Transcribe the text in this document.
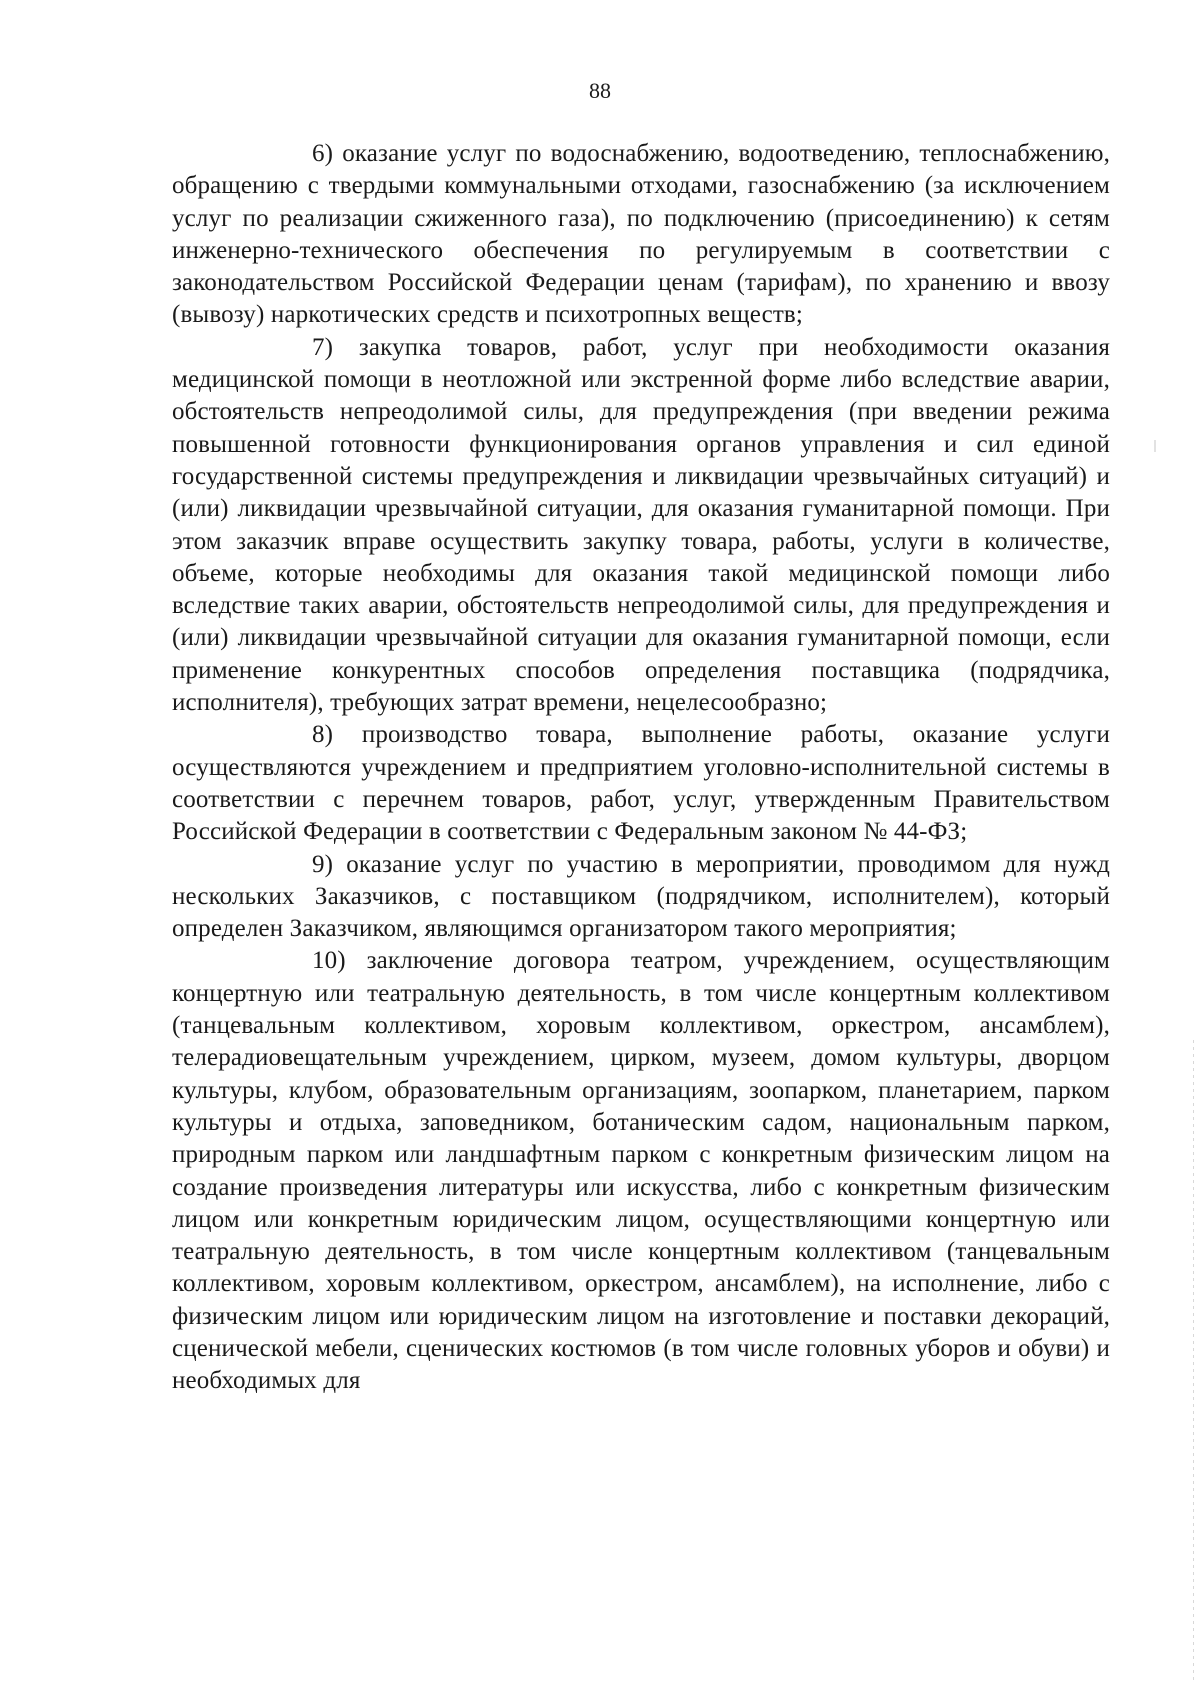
88

6) оказание услуг по водоснабжению, водоотведению, теплоснабжению, обращению с твердыми коммунальными отходами, газоснабжению (за исключением услуг по реализации сжиженного газа), по подключению (присоединению) к сетям инженерно-технического обеспечения по регулируемым в соответствии с законодательством Российской Федерации ценам (тарифам), по хранению и ввозу (вывозу) наркотических средств и психотропных веществ;

7) закупка товаров, работ, услуг при необходимости оказания медицинской помощи в неотложной или экстренной форме либо вследствие аварии, обстоятельств непреодолимой силы, для предупреждения (при введении режима повышенной готовности функционирования органов управления и сил единой государственной системы предупреждения и ликвидации чрезвычайных ситуаций) и (или) ликвидации чрезвычайной ситуации, для оказания гуманитарной помощи. При этом заказчик вправе осуществить закупку товара, работы, услуги в количестве, объеме, которые необходимы для оказания такой медицинской помощи либо вследствие таких аварии, обстоятельств непреодолимой силы, для предупреждения и (или) ликвидации чрезвычайной ситуации для оказания гуманитарной помощи, если применение конкурентных способов определения поставщика (подрядчика, исполнителя), требующих затрат времени, нецелесообразно;

8) производство товара, выполнение работы, оказание услуги осуществляются учреждением и предприятием уголовно-исполнительной системы в соответствии с перечнем товаров, работ, услуг, утвержденным Правительством Российской Федерации в соответствии с Федеральным законом № 44-ФЗ;

9) оказание услуг по участию в мероприятии, проводимом для нужд нескольких Заказчиков, с поставщиком (подрядчиком, исполнителем), который определен Заказчиком, являющимся организатором такого мероприятия;

10) заключение договора театром, учреждением, осуществляющим концертную или театральную деятельность, в том числе концертным коллективом (танцевальным коллективом, хоровым коллективом, оркестром, ансамблем), телерадиовещательным учреждением, цирком, музеем, домом культуры, дворцом культуры, клубом, образовательным организациям, зоопарком, планетарием, парком культуры и отдыха, заповедником, ботаническим садом, национальным парком, природным парком или ландшафтным парком с конкретным физическим лицом на создание произведения литературы или искусства, либо с конкретным физическим лицом или конкретным юридическим лицом, осуществляющими концертную или театральную деятельность, в том числе концертным коллективом (танцевальным коллективом, хоровым коллективом, оркестром, ансамблем), на исполнение, либо с физическим лицом или юридическим лицом на изготовление и поставки декораций, сценической мебели, сценических костюмов (в том числе головных уборов и обуви) и необходимых для
